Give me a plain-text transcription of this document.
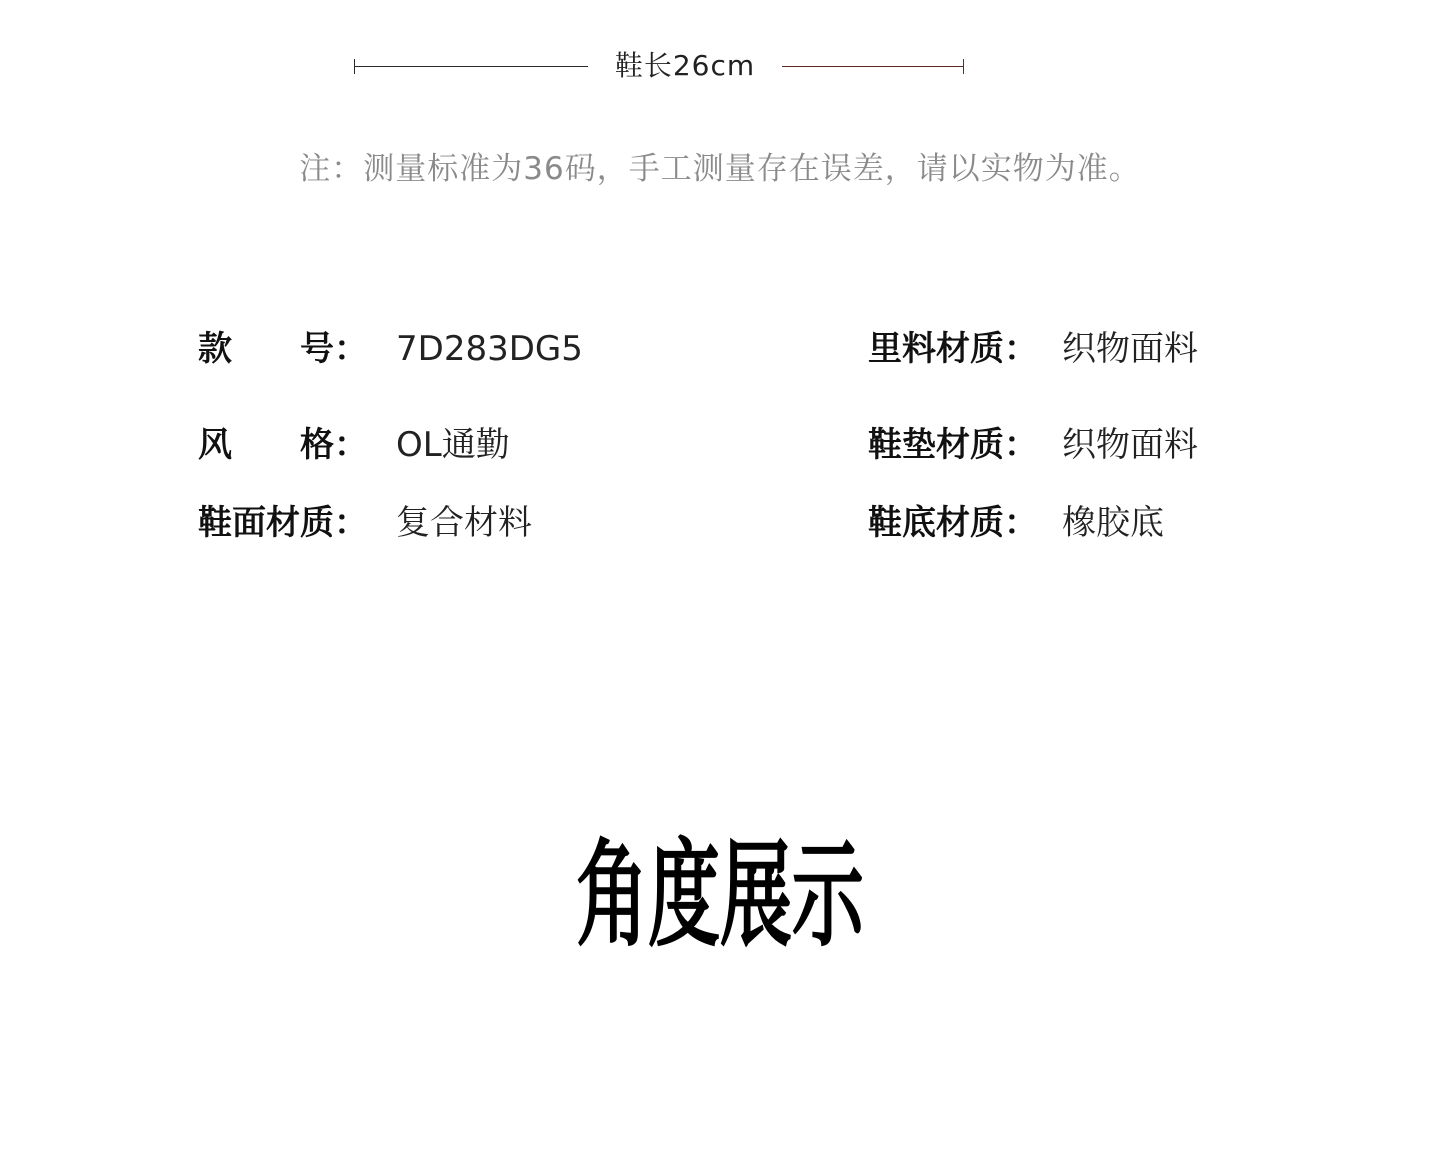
鞋长26cm
注：测量标准为36码，手工测量存在误差，请以实物为准。
款　　号： 7D283DG5
风　　格： OL通勤
鞋面材质： 复合材料
里料材质： 织物面料
鞋垫材质： 织物面料
鞋底材质： 橡胶底
角度展示
